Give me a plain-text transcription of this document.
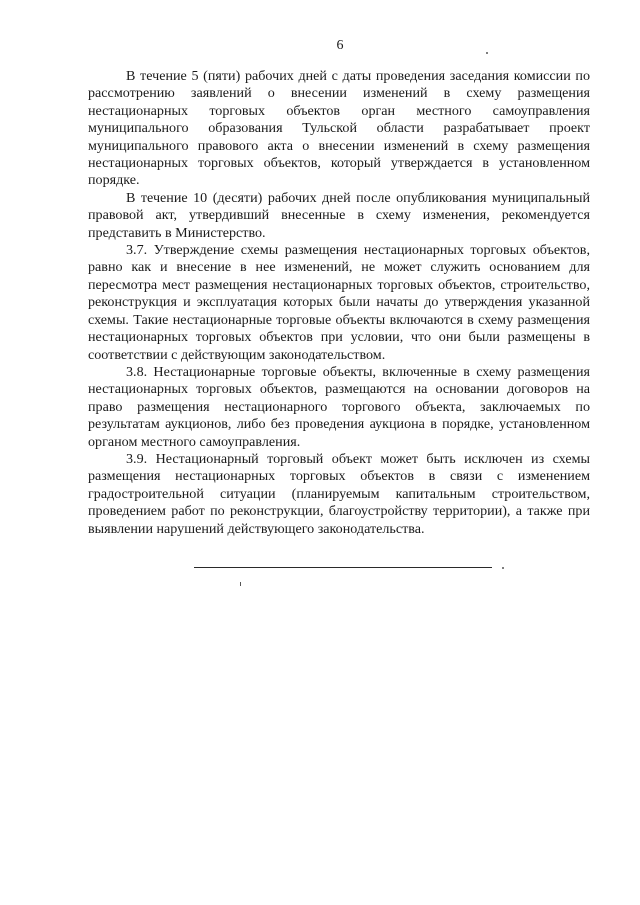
6

В течение 5 (пяти) рабочих дней с даты проведения заседания комиссии по рассмотрению заявлений о внесении изменений в схему размещения нестационарных торговых объектов орган местного самоуправления муниципального образования Тульской области разрабатывает проект муниципального правового акта о внесении изменений в схему размещения нестационарных торговых объектов, который утверждается в установленном порядке.

В течение 10 (десяти) рабочих дней после опубликования муниципальный правовой акт, утвердивший внесенные в схему изменения, рекомендуется представить в Министерство.

3.7. Утверждение схемы размещения нестационарных торговых объектов, равно как и внесение в нее изменений, не может служить основанием для пересмотра мест размещения нестационарных торговых объектов, строительство, реконструкция и эксплуатация которых были начаты до утверждения указанной схемы. Такие нестационарные торговые объекты включаются в схему размещения нестационарных торговых объектов при условии, что они были размещены в соответствии с действующим законодательством.

3.8. Нестационарные торговые объекты, включенные в схему размещения нестационарных торговых объектов, размещаются на основании договоров на право размещения нестационарного торгового объекта, заключаемых по результатам аукционов, либо без проведения аукциона в порядке, установленном органом местного самоуправления.

3.9. Нестационарный торговый объект может быть исключен из схемы размещения нестационарных торговых объектов в связи с изменением градостроительной ситуации (планируемым капитальным строительством, проведением работ по реконструкции, благоустройству территории), а также при выявлении нарушений действующего законодательства.
